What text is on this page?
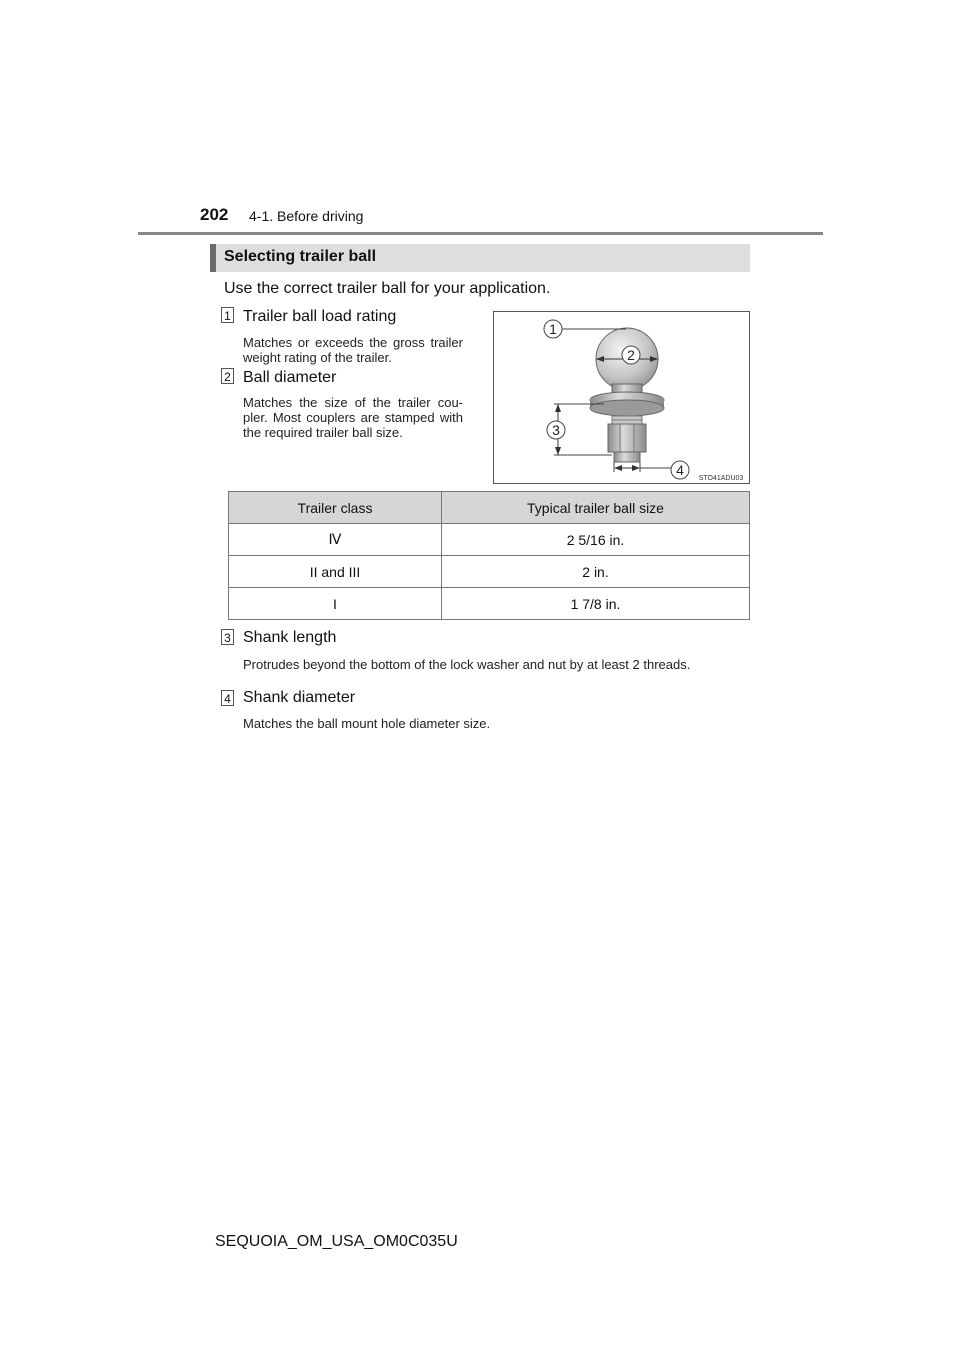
202 4-1. Before driving
Selecting trailer ball
Use the correct trailer ball for your application.
1 Trailer ball load rating
Matches or exceeds the gross trailer weight rating of the trailer.
2 Ball diameter
Matches the size of the trailer cou-pler. Most couplers are stamped with the required trailer ball size.
1
2
3
4
STO41ADU03
Trailer class	Typical trailer ball size
Ⅳ	2 5/16 in.
II and III	2 in.
I	1 7/8 in.
3 Shank length
Protrudes beyond the bottom of the lock washer and nut by at least 2 threads.
4 Shank diameter
Matches the ball mount hole diameter size.
SEQUOIA_OM_USA_OM0C035U
